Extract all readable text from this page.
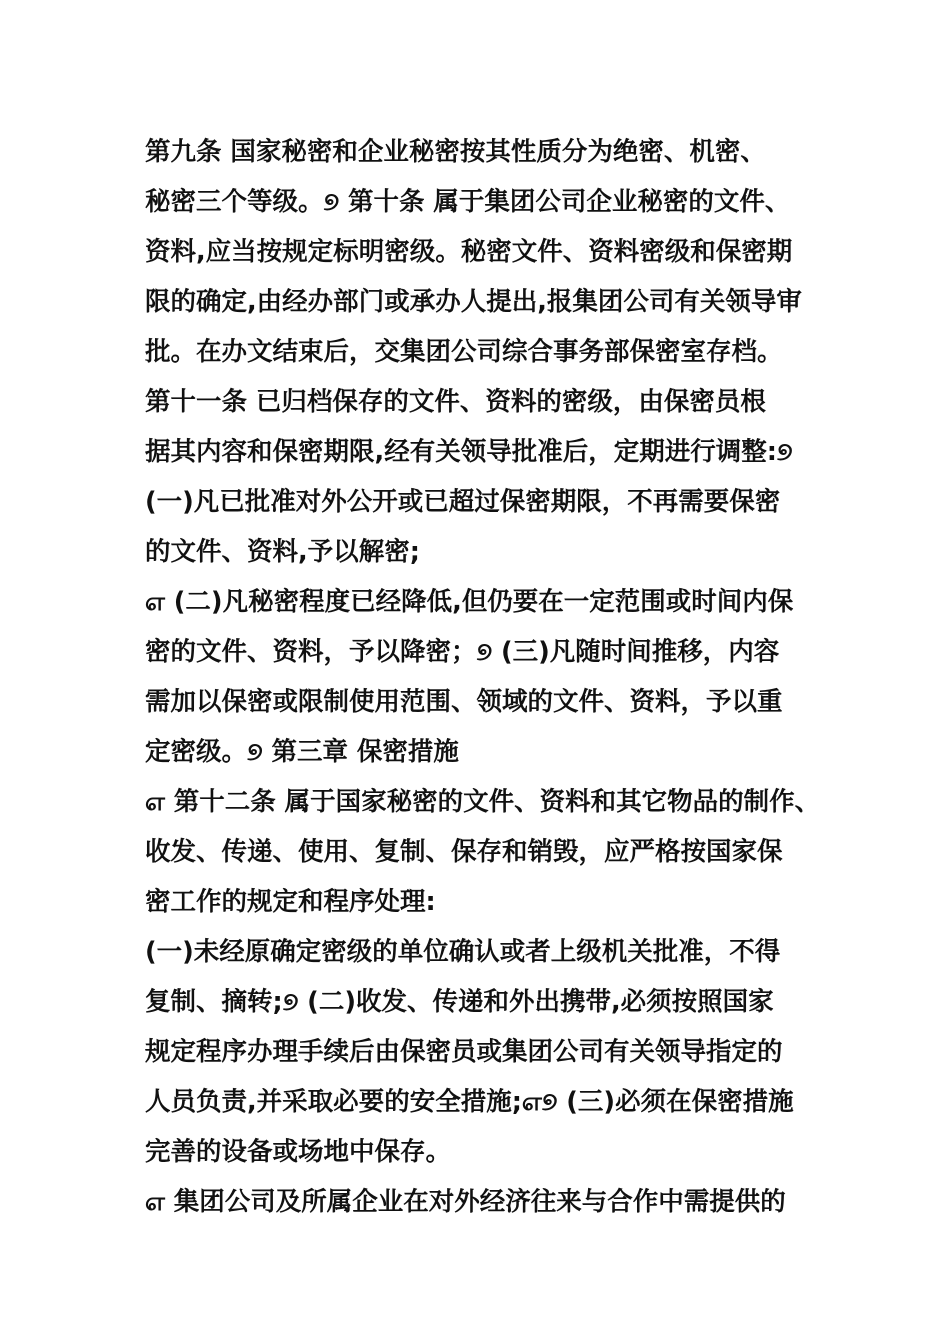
第九条 国家秘密和企业秘密按其性质分为绝密、机密、
秘密三个等级。୭ 第十条 属于集团公司企业秘密的文件、
资料,应当按规定标明密级。秘密文件、资料密级和保密期
限的确定,由经办部门或承办人提出,报集团公司有关领导审
批。在办文结束后，交集团公司综合事务部保密室存档。
第十一条 已归档保存的文件、资料的密级，由保密员根
据其内容和保密期限,经有关领导批准后，定期进行调整:୭
(一)凡已批准对外公开或已超过保密期限，不再需要保密
的文件、资料,予以解密;
எ (二)凡秘密程度已经降低,但仍要在一定范围或时间内保
密的文件、资料，予以降密；୭ (三)凡随时间推移，内容
需加以保密或限制使用范围、领域的文件、资料，予以重
定密级。୭ 第三章 保密措施
எ 第十二条 属于国家秘密的文件、资料和其它物品的制作、
收发、传递、使用、复制、保存和销毁，应严格按国家保
密工作的规定和程序处理:
(一)未经原确定密级的单位确认或者上级机关批准，不得
复制、摘转;୭ (二)收发、传递和外出携带,必须按照国家
规定程序办理手续后由保密员或集团公司有关领导指定的
人员负责,并采取必要的安全措施;எ୭ (三)必须在保密措施
完善的设备或场地中保存。
எ 集团公司及所属企业在对外经济往来与合作中需提供的
